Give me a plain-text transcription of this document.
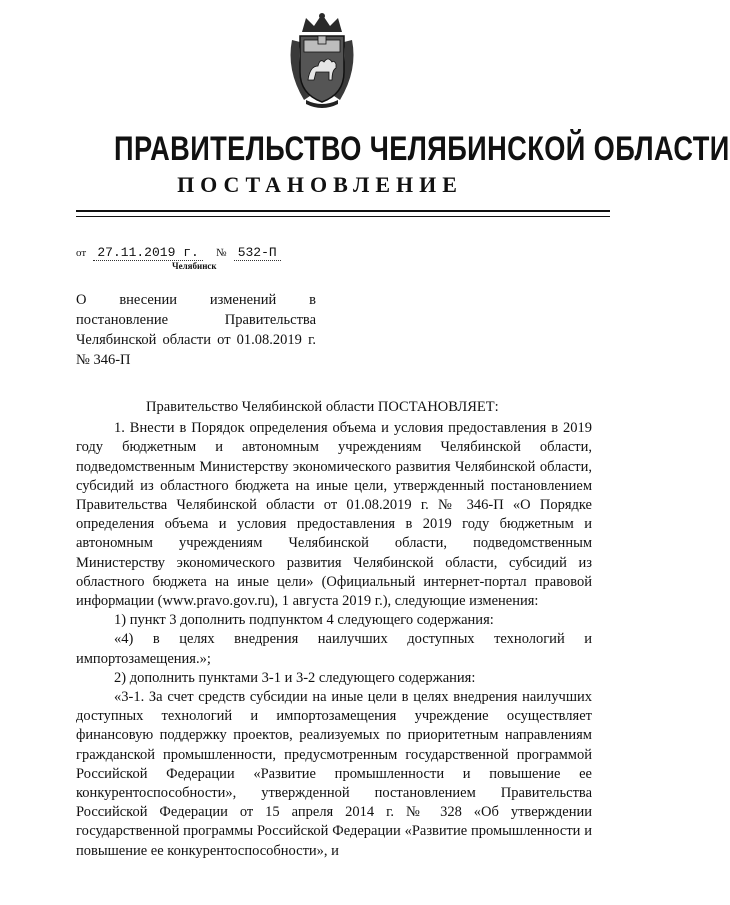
ПРАВИТЕЛЬСТВО ЧЕЛЯБИНСКОЙ ОБЛАСТИ
ПОСТАНОВЛЕНИЕ
от 27.11.2019 г. № 532-П
Челябинск
О внесении изменений в постановление Правительства Челябинской области от 01.08.2019 г. № 346-П

Правительство Челябинской области ПОСТАНОВЛЯЕТ:

1. Внести в Порядок определения объема и условия предоставления в 2019 году бюджетным и автономным учреждениям Челябинской области, подведомственным Министерству экономического развития Челябинской области, субсидий из областного бюджета на иные цели, утвержденный постановлением Правительства Челябинской области от 01.08.2019 г. № 346-П «О Порядке определения объема и условия предоставления в 2019 году бюджетным и автономным учреждениям Челябинской области, подведомственным Министерству экономического развития Челябинской области, субсидий из областного бюджета на иные цели» (Официальный интернет-портал правовой информации (www.pravo.gov.ru), 1 августа 2019 г.), следующие изменения:

1) пункт 3 дополнить подпунктом 4 следующего содержания:

«4) в целях внедрения наилучших доступных технологий и импортозамещения.»;

2) дополнить пунктами 3-1 и 3-2 следующего содержания:

«3-1. За счет средств субсидии на иные цели в целях внедрения наилучших доступных технологий и импортозамещения учреждение осуществляет финансовую поддержку проектов, реализуемых по приоритетным направлениям гражданской промышленности, предусмотренным государственной программой Российской Федерации «Развитие промышленности и повышение ее конкурентоспособности», утвержденной постановлением Правительства Российской Федерации от 15 апреля 2014 г. № 328 «Об утверждении государственной программы Российской Федерации «Развитие промышленности и повышение ее конкурентоспособности», и
